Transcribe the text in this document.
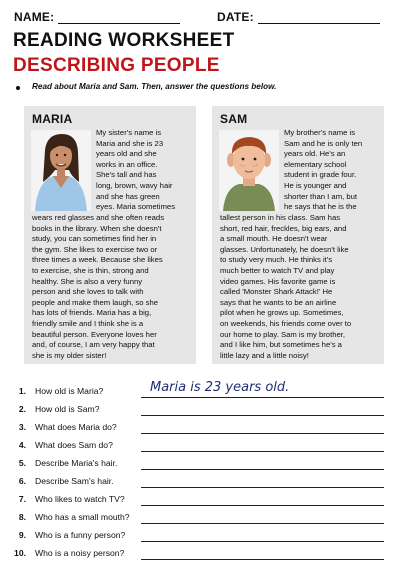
NAME:	DATE:
READING WORKSHEET
DESCRIBING PEOPLE
Read about Maria and Sam. Then, answer the questions below.
MARIA
My sister's name is
Maria and she is 23
years old and she
works in an office.
She's tall and has
long, brown, wavy hair
and she has green
eyes. Maria sometimes
wears red glasses and she often reads
books in the library. When she doesn't
study, you can sometimes find her in
the gym. She likes to exercise two or
three times a week. Because she likes
to exercise, she is thin, strong and
healthy. She is also a very funny
person and she loves to talk with
people and make them laugh, so she
has lots of friends. Maria has a big,
friendly smile and I think she is a
beautiful person. Everyone loves her
and, of course, I am very happy that
she is my older sister!
SAM
My brother's name is
Sam and he is only ten
years old. He's an
elementary school
student in grade four.
He is younger and
shorter than I am, but
he says that he is the
tallest person in his class. Sam has
short, red hair, freckles, big ears, and
a small mouth. He doesn't wear
glasses. Unfortunately, he doesn't like
to study very much. He thinks it's
much better to watch TV and play
video games. His favorite game is
called 'Monster Shark Attack!' He
says that he wants to be an airline
pilot when he grows up. Sometimes,
on weekends, his friends come over to
our home to play. Sam is my brother,
and I like him, but sometimes he's a
little lazy and a little noisy!
1. How old is Maria?	Maria is 23 years old.
2. How old is Sam?
3. What does Maria do?
4. What does Sam do?
5. Describe Maria's hair.
6. Describe Sam's hair.
7. Who likes to watch TV?
8. Who has a small mouth?
9. Who is a funny person?
10. Who is a noisy person?
